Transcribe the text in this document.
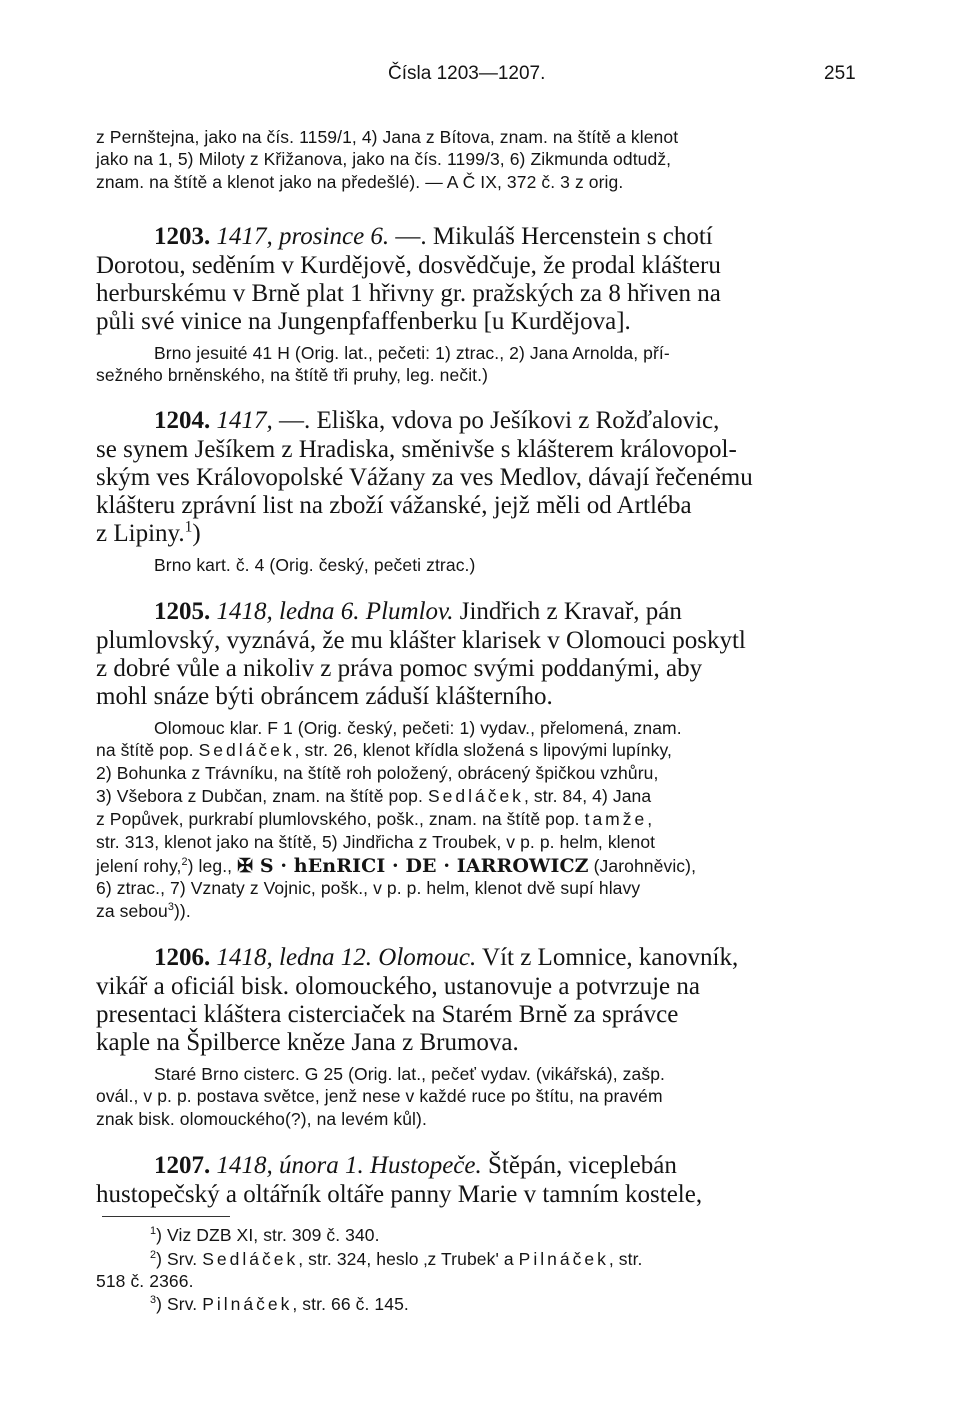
Čísla 1203—1207.	251
z Pernštejna, jako na čís. 1159/1, 4) Jana z Bítova, znam. na štítě a klenot
jako na 1, 5) Miloty z Křižanova, jako na čís. 1199/3, 6) Zikmunda odtudž,
znam. na štítě a klenot jako na předešlé). — A Č IX, 372 č. 3 z orig.
1203. 1417, prosince 6. —. Mikuláš Hercenstein s chotí
Dorotou, seděním v Kurdějově, dosvědčuje, že prodal klášteru
herburskému v Brně plat 1 hřivny gr. pražských za 8 hřiven na
půli své vinice na Jungenpfaffenberku [u Kurdějova].
Brno jesuité 41 H (Orig. lat., pečeti: 1) ztrac., 2) Jana Arnolda, pří-
sežného brněnského, na štítě tři pruhy, leg. nečit.)
1204. 1417, —. Eliška, vdova po Ješíkovi z Rožďalovic,
se synem Ješíkem z Hradiska, směnivše s klášterem královopol-
ským ves Královopolské Vážany za ves Medlov, dávají řečenému
klášteru zprávní list na zboží vážanské, jejž měli od Artléba
z Lipiny.$^1$)
Brno kart. č. 4 (Orig. český, pečeti ztrac.)
1205. 1418, ledna 6. Plumlov. Jindřich z Kravař, pán
plumlovský, vyznává, že mu klášter klarisek v Olomouci poskytl
z dobré vůle a nikoliv z práva pomoc svými poddanými, aby
mohl snáze býti obráncem záduší klášterního.
Olomouc klar. F 1 (Orig. český, pečeti: 1) vydav., přelomená, znam.
na štítě pop. Sedláček, str. 26, klenot křídla složená s lipovými lupínky,
2) Bohunka z Trávníku, na štítě roh položený, obrácený špičkou vzhůru,
3) Všebora z Dubčan, znam. na štítě pop. Sedláček, str. 84, 4) Jana
z Popůvek, purkrabí plumlovského, pošk., znam. na štítě pop. tamže,
str. 313, klenot jako na štítě, 5) Jindřicha z Troubek, v p. p. helm, klenot
jelení rohy,$^2$) leg., ✠ S · hEnRICI · DE · IARROWICZ (Jarohněvic),
6) ztrac., 7) Vznaty z Vojnic, pošk., v p. p. helm, klenot dvě supí hlavy
za sebou$^3$)).
1206. 1418, ledna 12. Olomouc. Vít z Lomnice, kanovník,
vikář a oficiál bisk. olomouckého, ustanovuje a potvrzuje na
presentaci kláštera cisterciaček na Starém Brně za správce
kaple na Špilberce kněze Jana z Brumova.
Staré Brno cisterc. G 25 (Orig. lat., pečeť vydav. (vikářská), zašp.
ovál., v p. p. postava světce, jenž nese v každé ruce po štítu, na pravém
znak bisk. olomouckého(?), na levém kůl).
1207. 1418, února 1. Hustopeče. Štěpán, viceplebán
hustopečský a oltářník oltáře panny Marie v tamním kostele,
$^1$) Viz DZB XI, str. 309 č. 340.
$^2$) Srv. Sedláček, str. 324, heslo ‚z Trubek' a Pilnáček, str.
518 č. 2366.
$^3$) Srv. Pilnáček, str. 66 č. 145.
